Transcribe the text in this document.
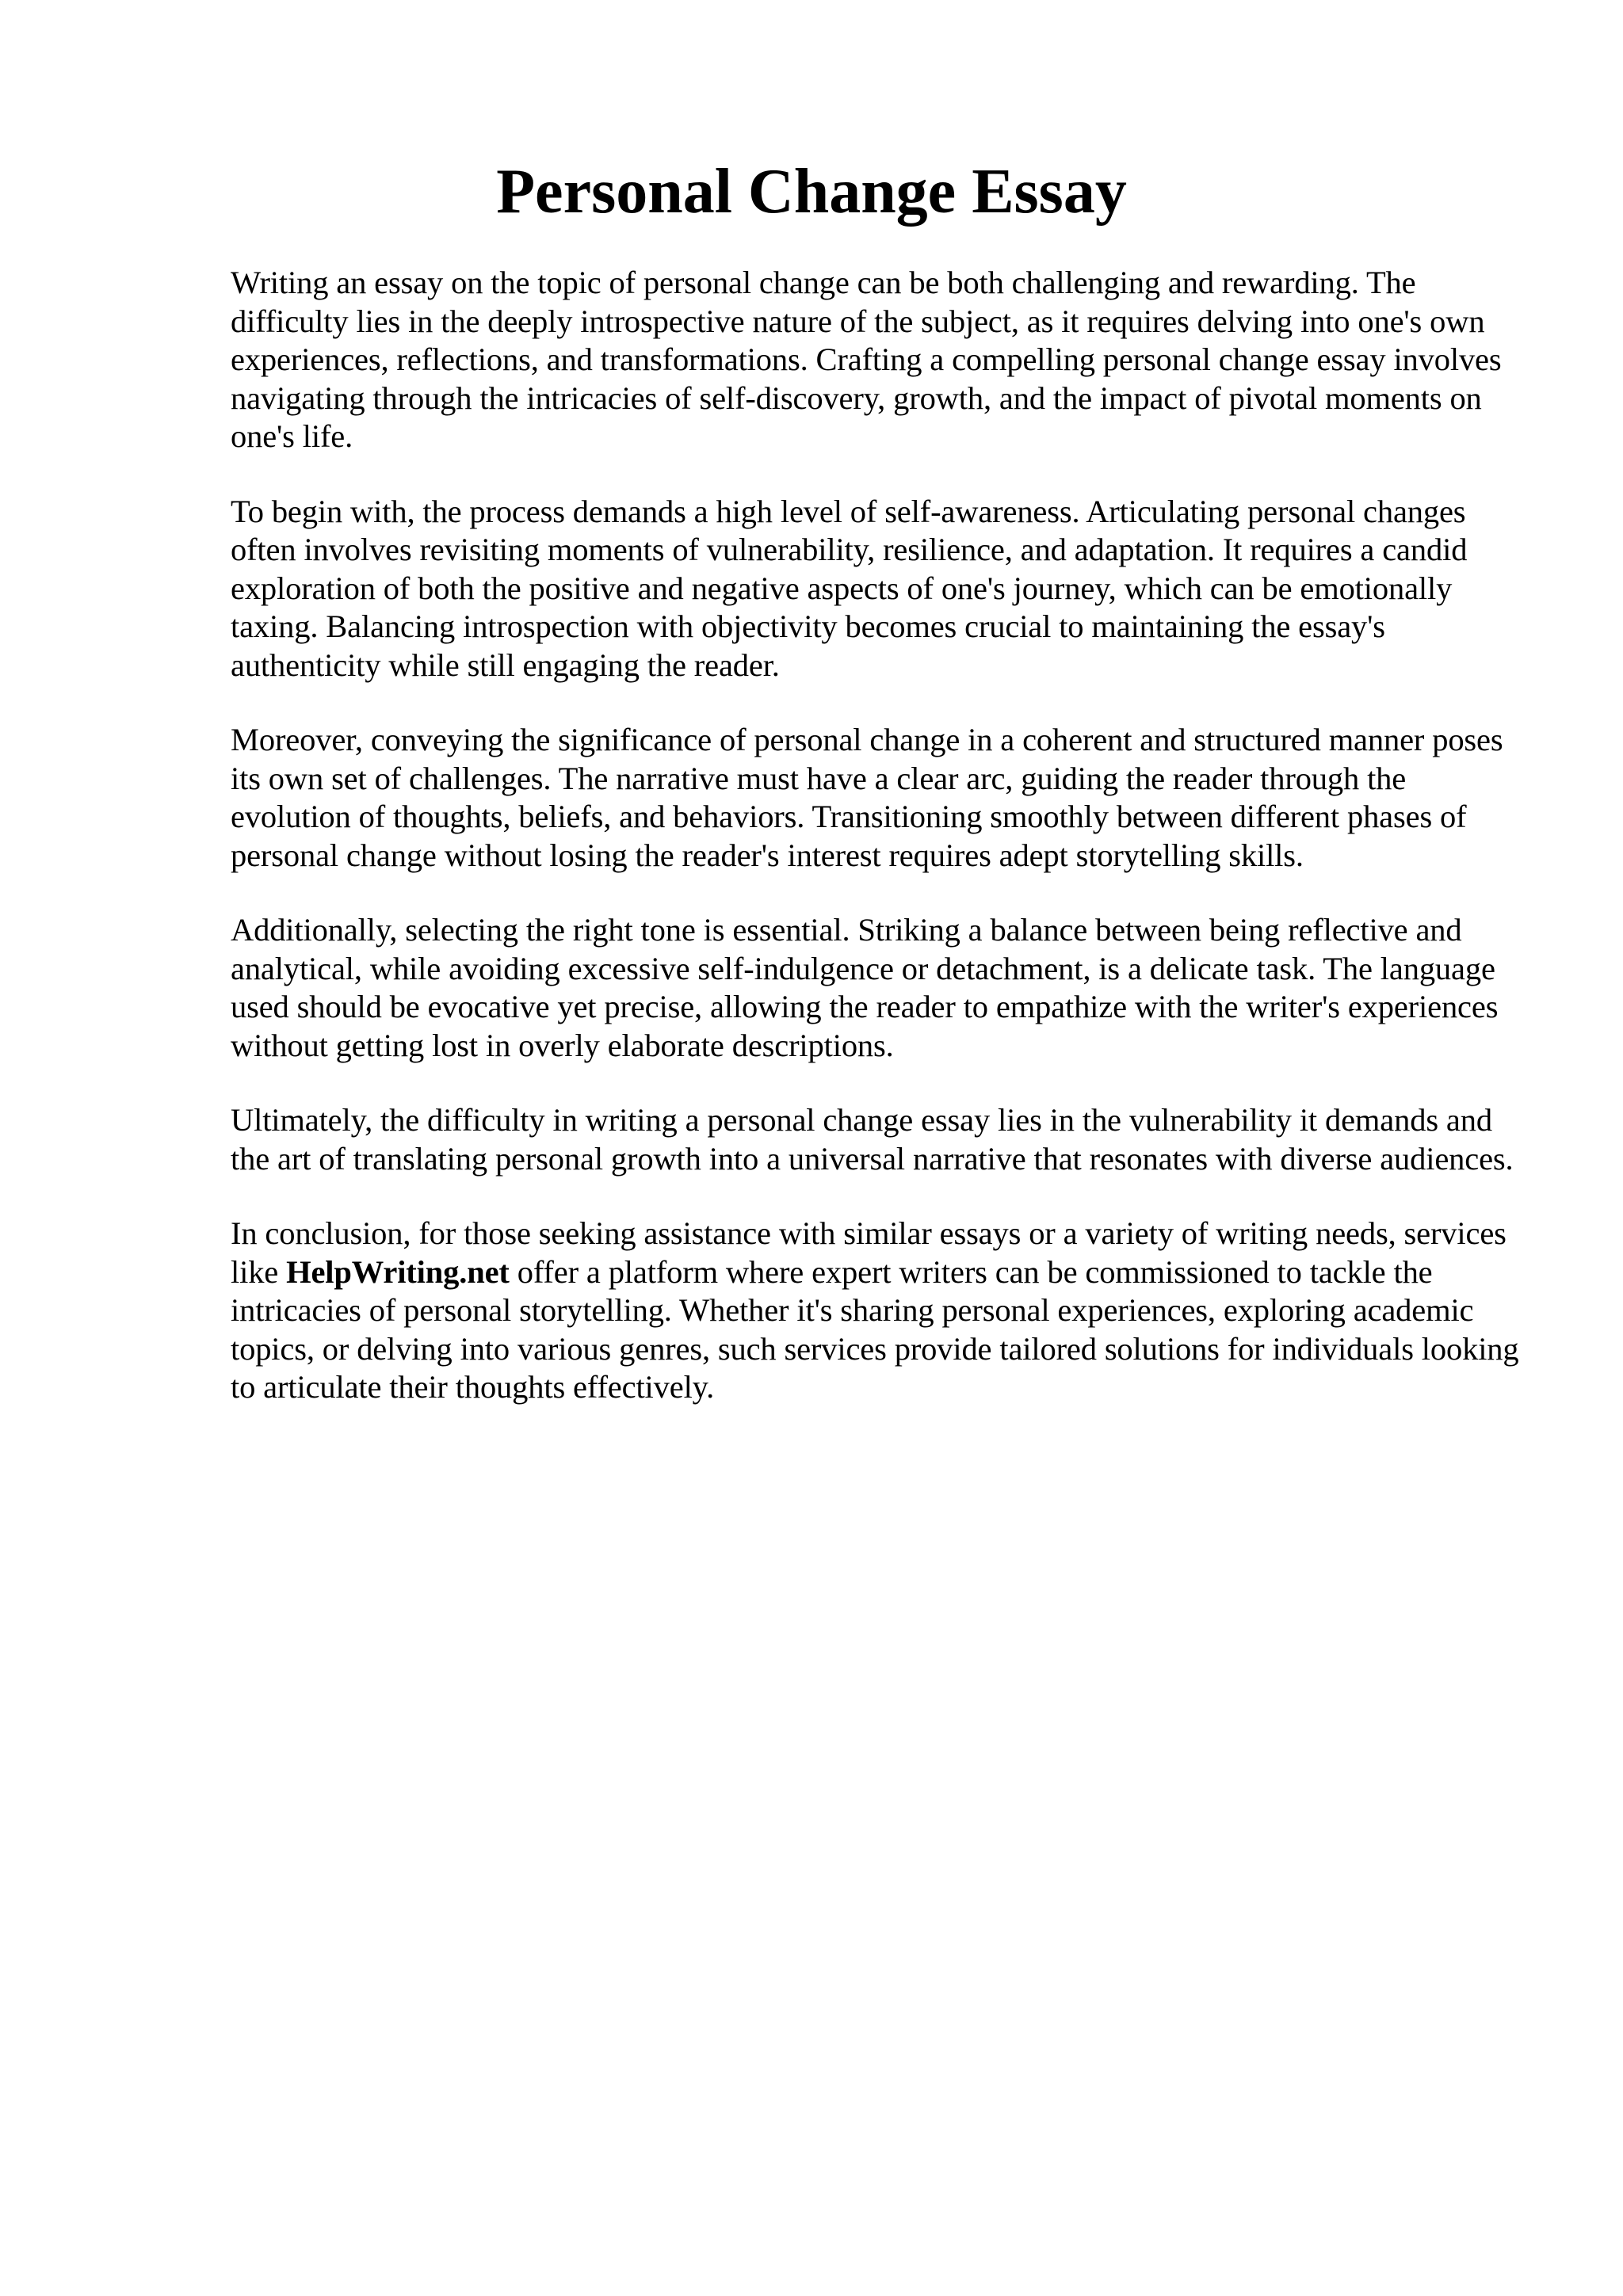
Personal Change Essay

Writing an essay on the topic of personal change can be both challenging and rewarding. The difficulty lies in the deeply introspective nature of the subject, as it requires delving into one's own experiences, reflections, and transformations. Crafting a compelling personal change essay involves navigating through the intricacies of self-discovery, growth, and the impact of pivotal moments on one's life.

To begin with, the process demands a high level of self-awareness. Articulating personal changes often involves revisiting moments of vulnerability, resilience, and adaptation. It requires a candid exploration of both the positive and negative aspects of one's journey, which can be emotionally taxing. Balancing introspection with objectivity becomes crucial to maintaining the essay's authenticity while still engaging the reader.

Moreover, conveying the significance of personal change in a coherent and structured manner poses its own set of challenges. The narrative must have a clear arc, guiding the reader through the evolution of thoughts, beliefs, and behaviors. Transitioning smoothly between different phases of personal change without losing the reader's interest requires adept storytelling skills.

Additionally, selecting the right tone is essential. Striking a balance between being reflective and analytical, while avoiding excessive self-indulgence or detachment, is a delicate task. The language used should be evocative yet precise, allowing the reader to empathize with the writer's experiences without getting lost in overly elaborate descriptions.

Ultimately, the difficulty in writing a personal change essay lies in the vulnerability it demands and the art of translating personal growth into a universal narrative that resonates with diverse audiences.

In conclusion, for those seeking assistance with similar essays or a variety of writing needs, services like HelpWriting.net offer a platform where expert writers can be commissioned to tackle the intricacies of personal storytelling. Whether it's sharing personal experiences, exploring academic topics, or delving into various genres, such services provide tailored solutions for individuals looking to articulate their thoughts effectively.
